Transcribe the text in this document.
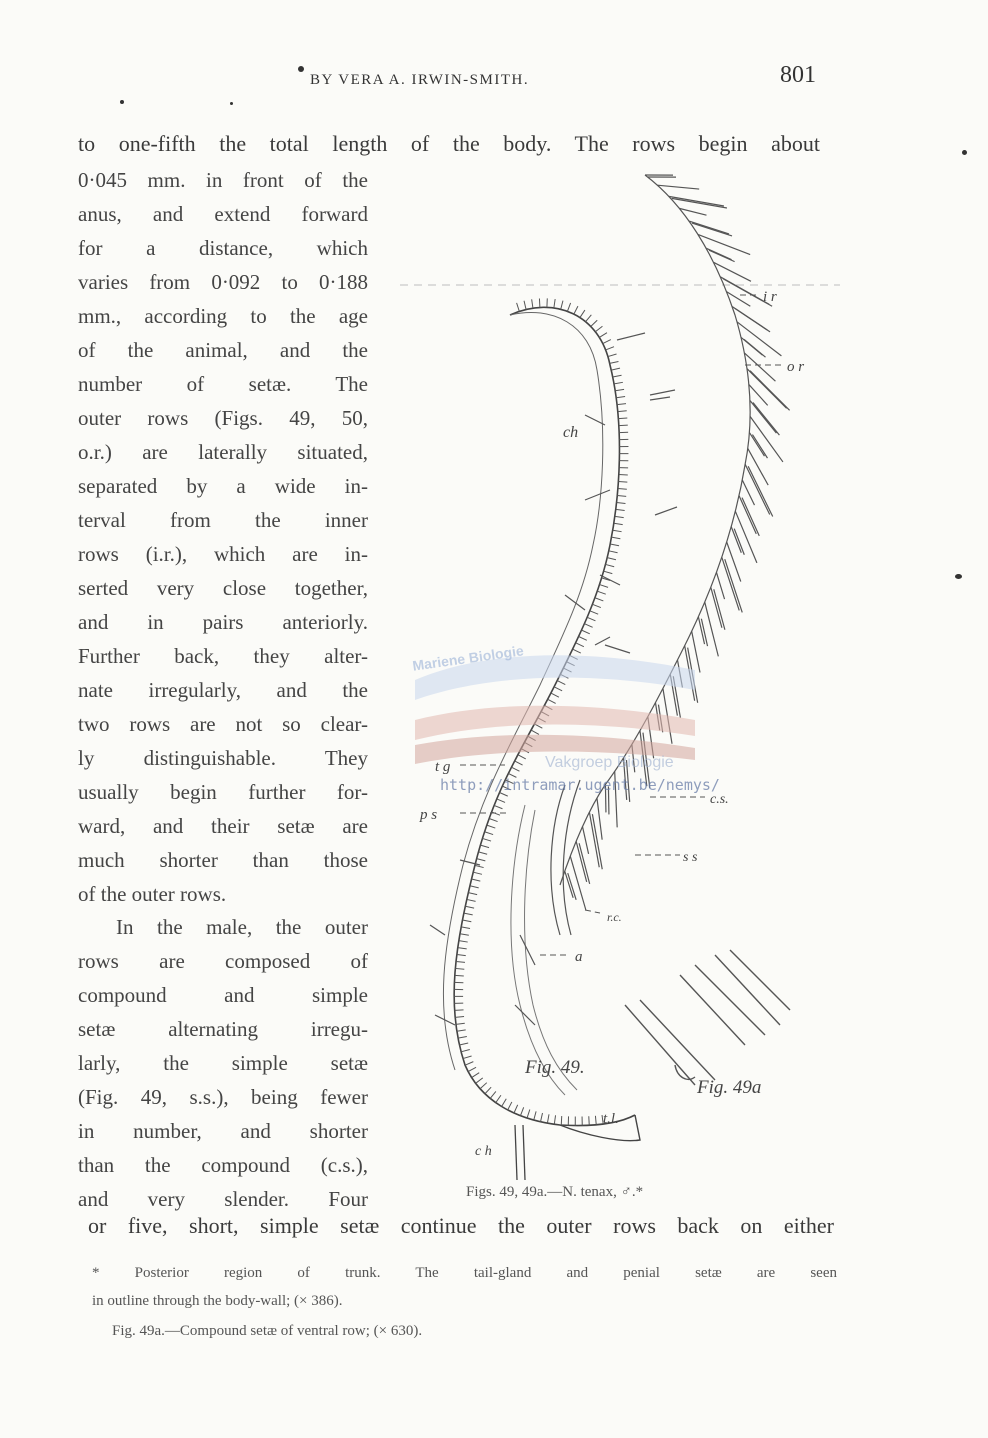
BY VERA A. IRWIN-SMITH.	801
to one-fifth the total length of the body. The rows begin about
0·045 mm. in front of the
anus, and extend forward
for a distance, which
varies from 0·092 to 0·188
mm., according to the age
of the animal, and the
number of setæ. The
outer rows (Figs. 49, 50,
o.r.) are laterally situated,
separated by a wide in-
terval from the inner
rows (i.r.), which are in-
serted very close together,
and in pairs anteriorly.
Further back, they alter-
nate irregularly, and the
two rows are not so clear-
ly distinguishable. They
usually begin further for-
ward, and their setæ are
much shorter than those
of the outer rows.
In the male, the outer
rows are composed of
compound and simple
setæ alternating irregu-
larly, the simple setæ
(Fig. 49, s.s.), being fewer
in number, and shorter
than the compound (c.s.),
and very slender. Four
or five, short, simple setæ continue the outer rows back on either
i r
o r
ch
t g
p s
c.s.
s s
r.c.
a
Fig. 49.
Fig. 49a
t.l.
c h
Mariene Biologie
Vakgroep Biologie
http://intramar.ugent.be/nemys/
Figs. 49, 49a.—N. tenax, ♂.*
* Posterior region of trunk. The tail-gland and penial setæ are seen
in outline through the body-wall; (× 386).
Fig. 49a.—Compound setæ of ventral row; (× 630).
